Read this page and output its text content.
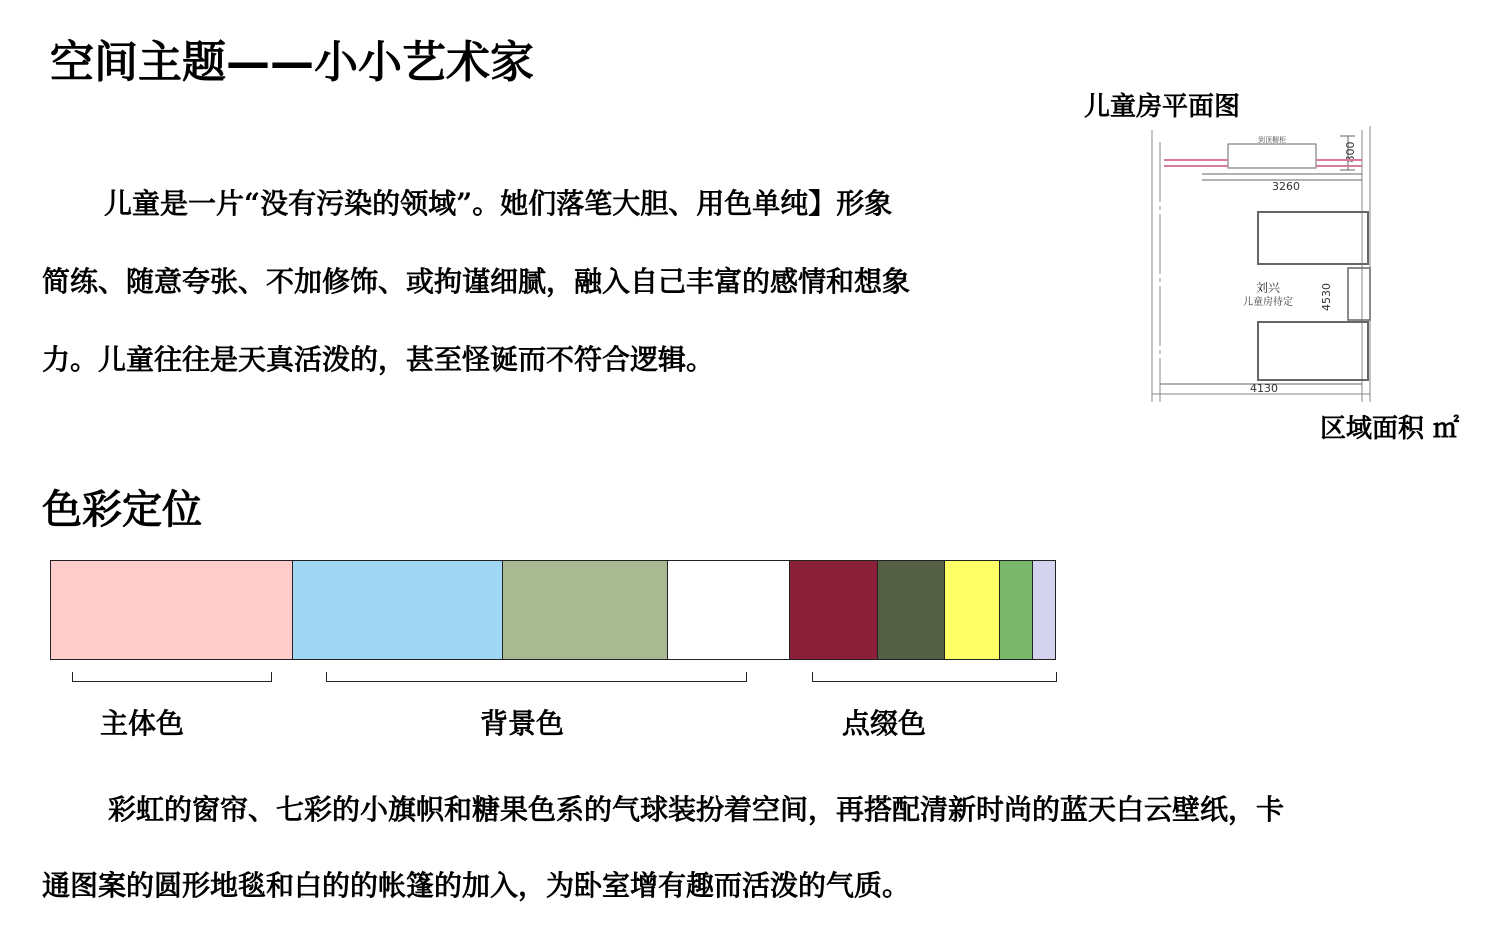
空间主题——小小艺术家
儿童是一片“没有污染的领域”。她们落笔大胆、用色单纯】形象
简练、随意夸张、不加修饰、或拘谨细腻，融入自己丰富的感情和想象
力。儿童往往是天真活泼的，甚至怪诞而不符合逻辑。
儿童房平面图
800
到顶橱柜
3260
刘兴
儿童房待定 4530
4130
区域面积 ㎡
色彩定位
主体色	背景色	点缀色
彩虹的窗帘、七彩的小旗帜和糖果色系的气球装扮着空间，再搭配清新时尚的蓝天白云壁纸，卡
通图案的圆形地毯和白的的帐篷的加入，为卧室增有趣而活泼的气质。
